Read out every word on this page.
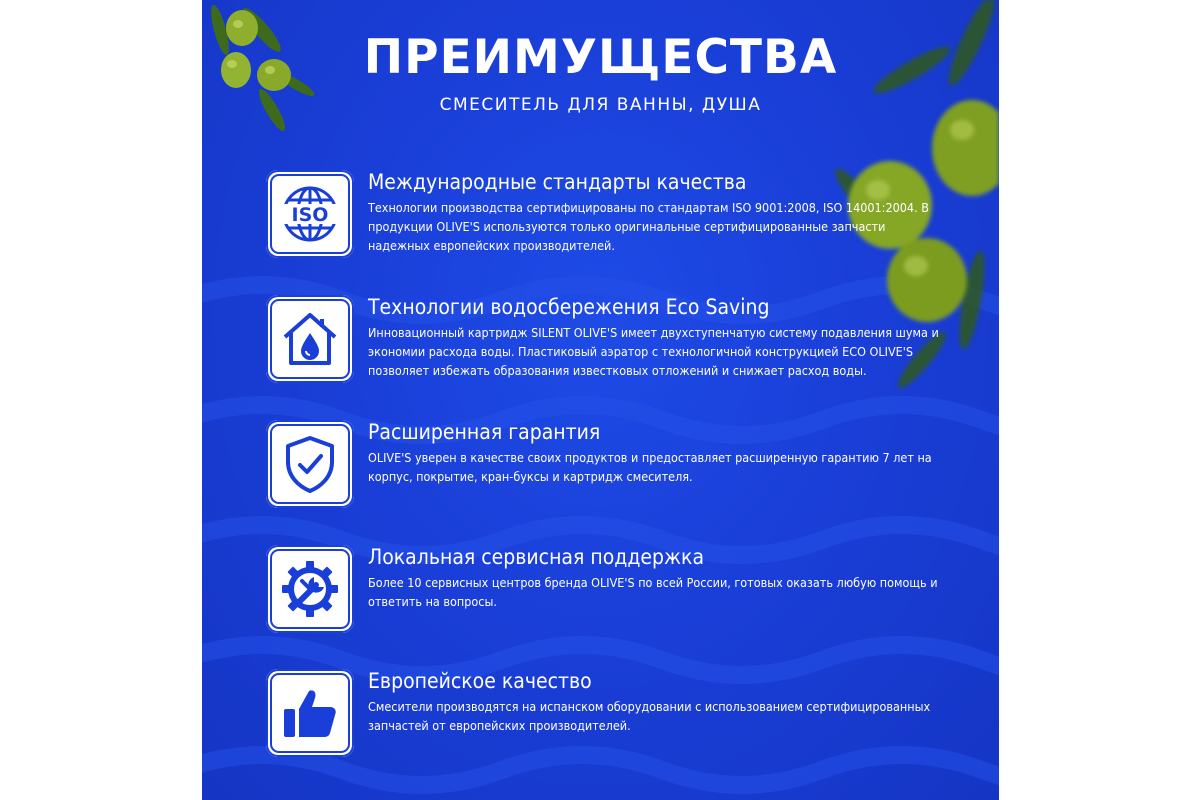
ПРЕИМУЩЕСТВА
СМЕСИТЕЛЬ ДЛЯ ВАННЫ, ДУША
ISO
Международные стандарты качества
Технологии производства сертифицированы по стандартам ISO 9001:2008, ISO 14001:2004. В продукции OLIVE'S используются только оригинальные сертифицированные запчасти надежных европейских производителей.
Технологии водосбережения Eco Saving
Инновационный картридж SILENT OLIVE'S имеет двухступенчатую систему подавления шума и экономии расхода воды. Пластиковый аэратор с технологичной конструкцией ECO OLIVE'S позволяет избежать образования известковых отложений и снижает расход воды.
Расширенная гарантия
OLIVE'S уверен в качестве своих продуктов и предоставляет расширенную гарантию 7 лет на корпус, покрытие, кран-буксы и картридж смесителя.
Локальная сервисная поддержка
Более 10 сервисных центров бренда OLIVE'S по всей России, готовых оказать любую помощь и ответить на вопросы.
Европейское качество
Смесители производятся на испанском оборудовании с использованием сертифицированных запчастей от европейских производителей.
